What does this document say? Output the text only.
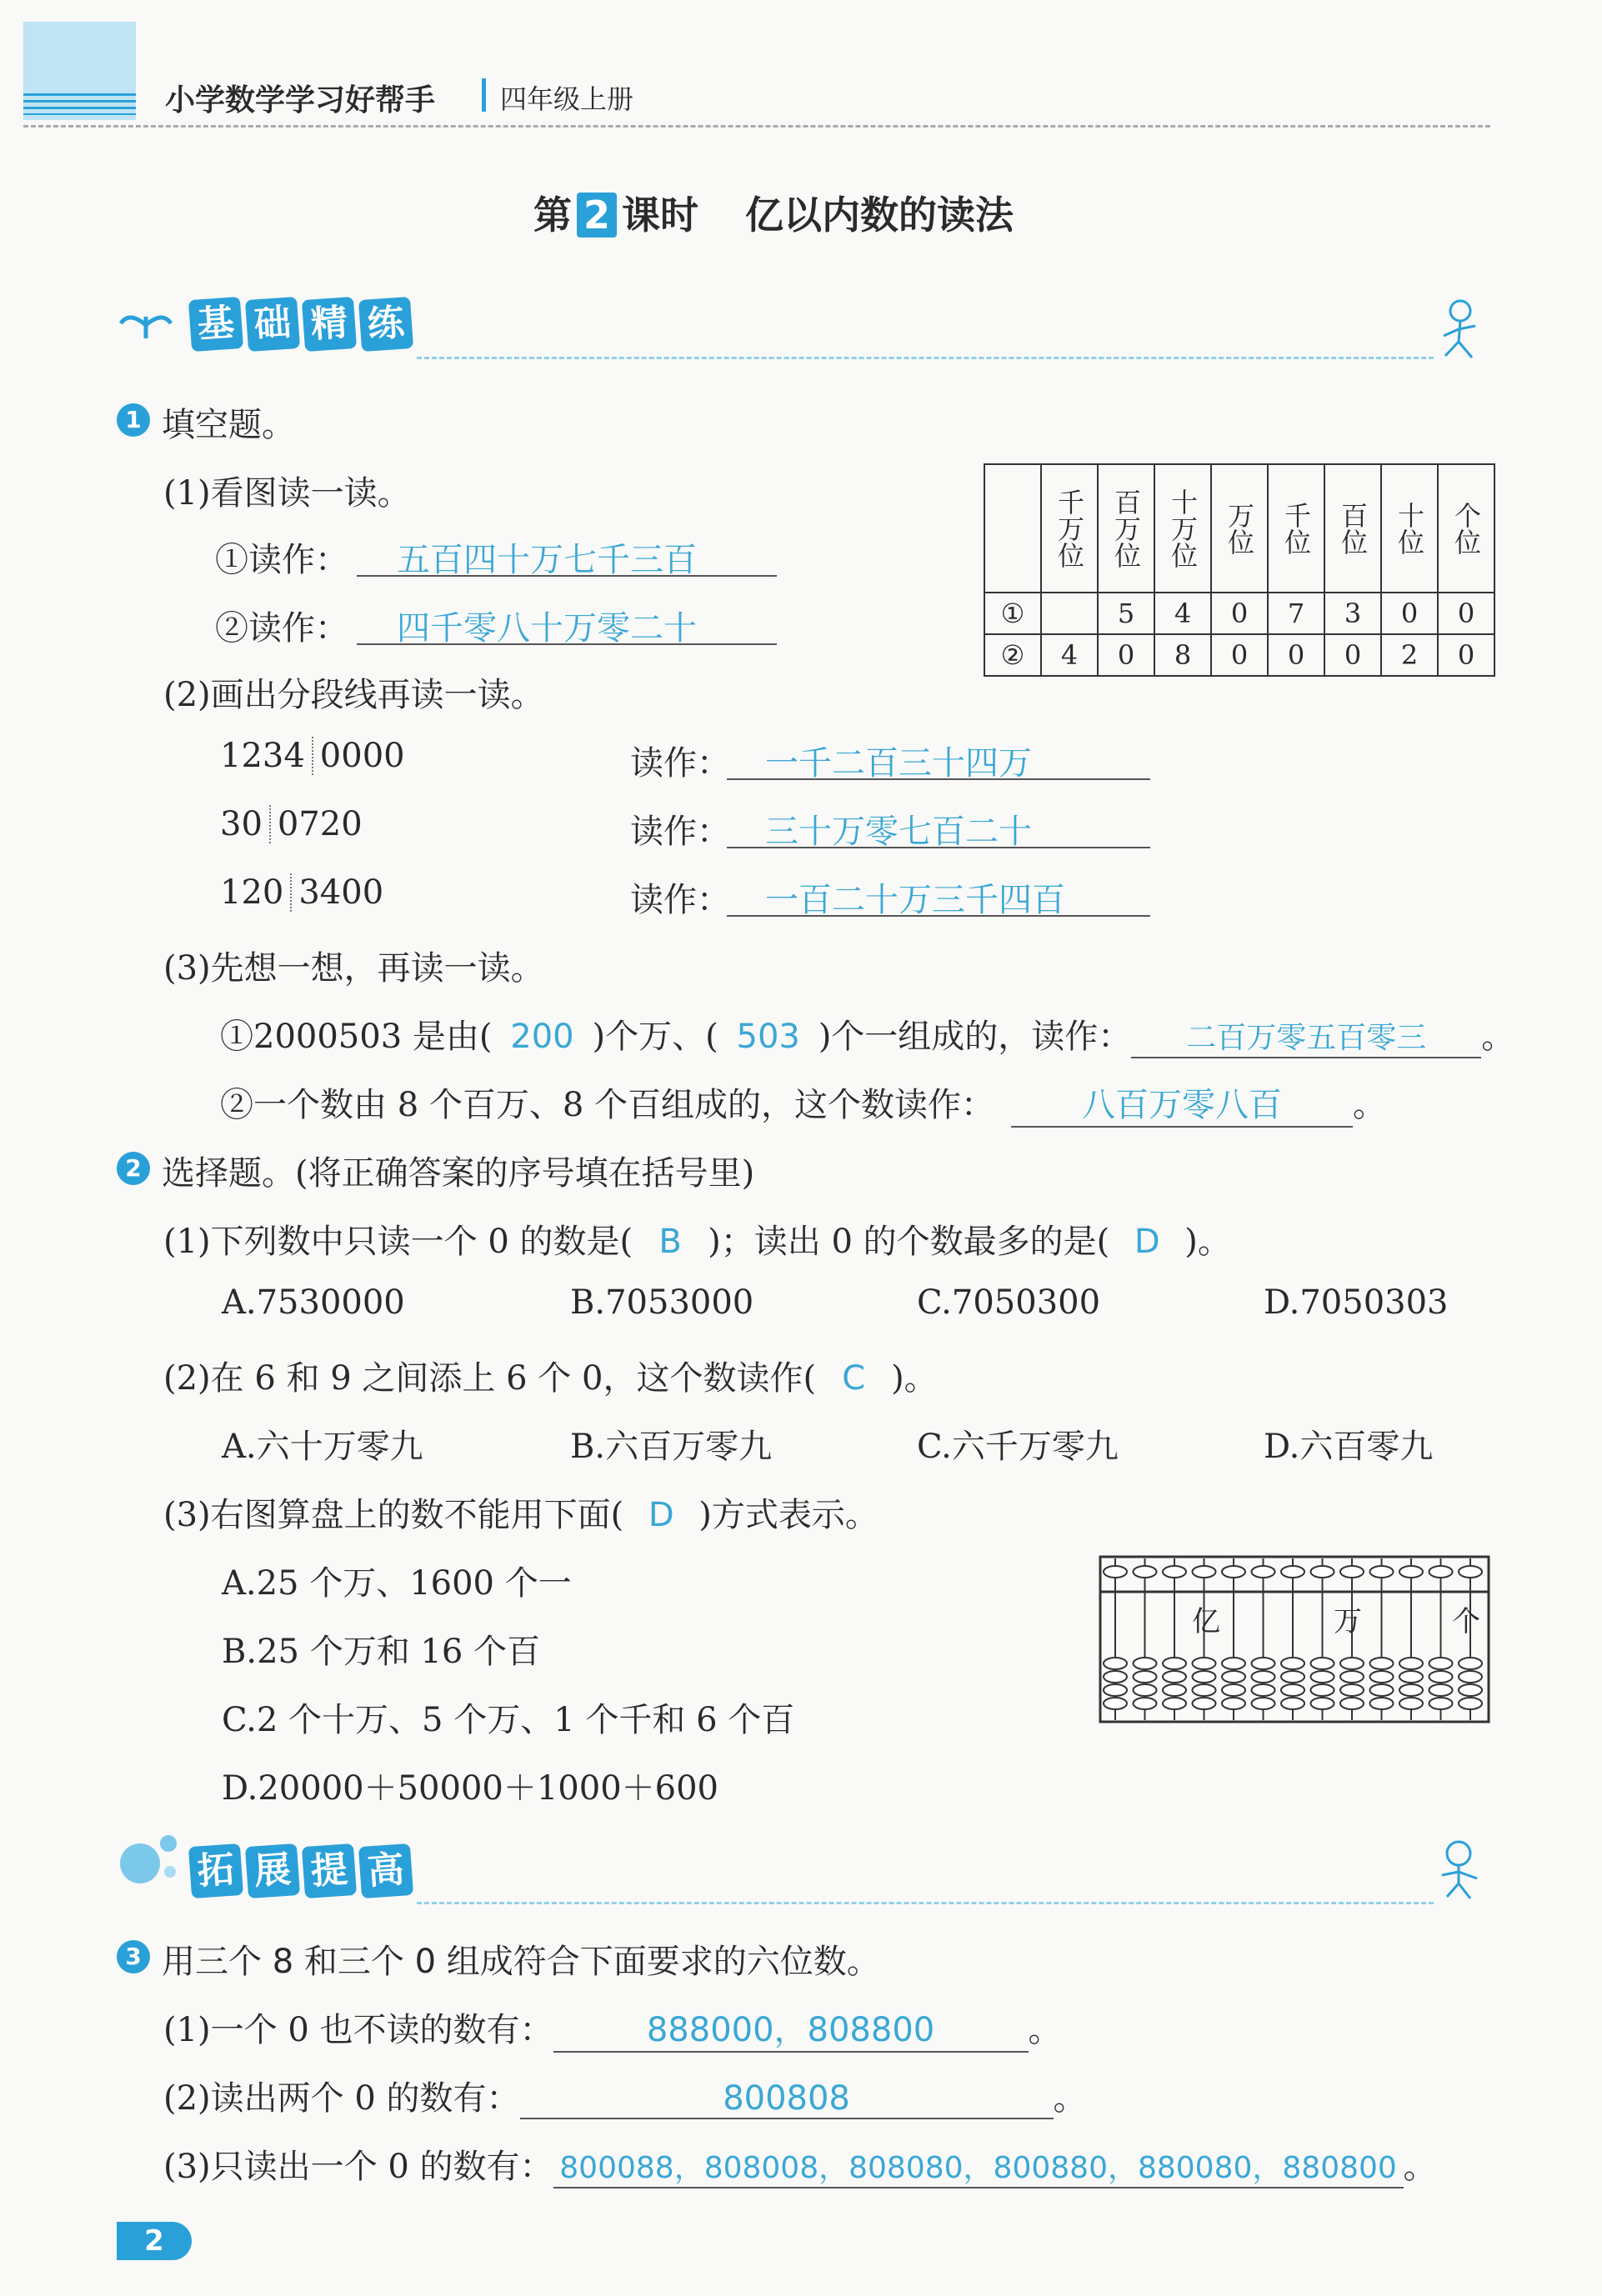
小学数学学习好帮手 四年级上册
第 2 课时 亿以内数的读法
基 础 精 练
1 填空题。
(1)看图读一读。
①读作： 五百四十万七千三百
②读作： 四千零八十万零二十
	千万位	百万位	十万位	万位	千位	百位	十位	个位
①		5	4	0	7	3	0	0
②	4	0	8	0	0	0	2	0
(2)画出分段线再读一读。
1234 0000	读作： 一千二百三十四万
30 0720	读作： 三十万零七百二十
120 3400	读作： 一百二十万三千四百
(3)先想一想，再读一读。
①2000503 是由( 200 )个万、( 503 )个一组成的，读作： 二百万零五百零三 。
②一个数由 8 个百万、8 个百组成的，这个数读作：	八百万零八百 。
2 选择题。(将正确答案的序号填在括号里)
(1)下列数中只读一个 0 的数是( B )；读出 0 的个数最多的是( D )。
A.7530000	B.7053000	C.7050300	D.7050303
(2)在 6 和 9 之间添上 6 个 0，这个数读作( C )。
A.六十万零九	B.六百万零九	C.六千万零九	D.六百零九
(3)右图算盘上的数不能用下面( D )方式表示。
A.25 个万、1600 个一
B.25 个万和 16 个百
C.2 个十万、5 个万、1 个千和 6 个百
D.20000＋50000＋1000＋600
亿	万	个
拓 展 提 高
3 用三个 8 和三个 0 组成符合下面要求的六位数。
(1)一个 0 也不读的数有：	888000，808800	。
(2)读出两个 0 的数有：	800808	。
(3)只读出一个 0 的数有： 800088，808008，808080，800880，880080，880800 。
2
